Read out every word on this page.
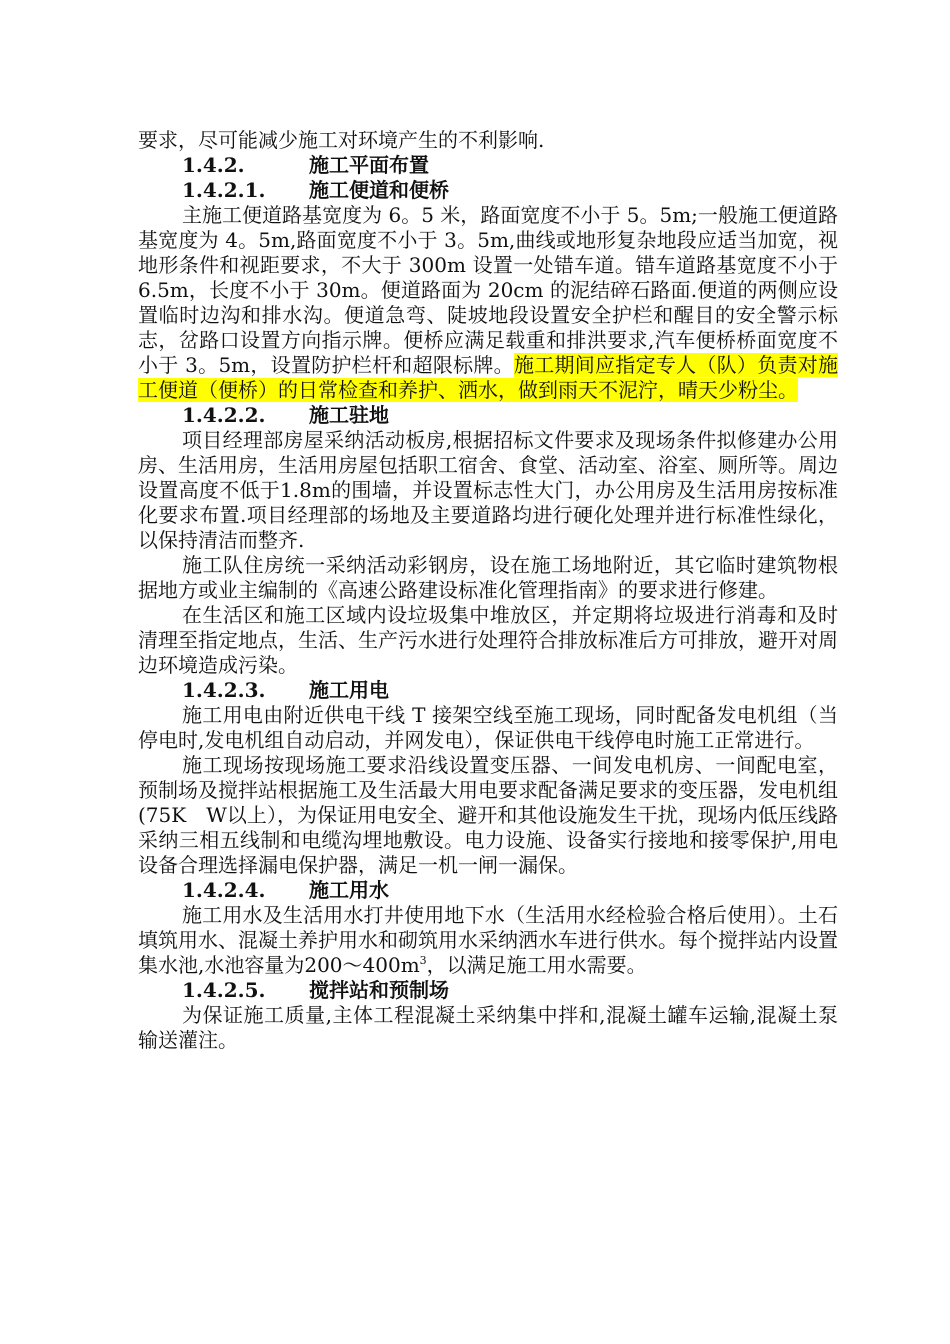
要求，尽可能减少施工对环境产生的不利影响.

1.4.2.	施工平面布置

1.4.2.1. 施工便道和便桥

主施工便道路基宽度为 6。5 米，路面宽度不小于 5。5m;一般施工便道路基宽度为 4。5m,路面宽度不小于 3。5m,曲线或地形复杂地段应适当加宽，视地形条件和视距要求，不大于 300m 设置一处错车道。错车道路基宽度不小于 6.5m，长度不小于 30m。便道路面为 20cm 的泥结碎石路面.便道的两侧应设置临时边沟和排水沟。便道急弯、陡坡地段设置安全护栏和醒目的安全警示标志，岔路口设置方向指示牌。便桥应满足载重和排洪要求,汽车便桥桥面宽度不小于 3。5m，设置防护栏杆和超限标牌。施工期间应指定专人（队）负责对施工便道（便桥）的日常检查和养护、洒水，做到雨天不泥泞，晴天少粉尘。

1.4.2.2. 施工驻地

项目经理部房屋采纳活动板房,根据招标文件要求及现场条件拟修建办公用房、生活用房，生活用房屋包括职工宿舍、食堂、活动室、浴室、厕所等。周边设置高度不低于1.8m的围墙，并设置标志性大门，办公用房及生活用房按标准化要求布置.项目经理部的场地及主要道路均进行硬化处理并进行标准性绿化，以保持清洁而整齐.

施工队住房统一采纳活动彩钢房，设在施工场地附近，其它临时建筑物根据地方或业主编制的《高速公路建设标准化管理指南》的要求进行修建。

在生活区和施工区域内设垃圾集中堆放区，并定期将垃圾进行消毒和及时清理至指定地点，生活、生产污水进行处理符合排放标准后方可排放，避开对周边环境造成污染。

1.4.2.3. 施工用电

施工用电由附近供电干线 T 接架空线至施工现场，同时配备发电机组（当停电时,发电机组自动启动，并网发电），保证供电干线停电时施工正常进行。

施工现场按现场施工要求沿线设置变压器、一间发电机房、一间配电室，预制场及搅拌站根据施工及生活最大用电要求配备满足要求的变压器，发电机组(75K　W以上），为保证用电安全、避开和其他设施发生干扰，现场内低压线路采纳三相五线制和电缆沟埋地敷设。电力设施、设备实行接地和接零保护,用电设备合理选择漏电保护器，满足一机一闸一漏保。

1.4.2.4. 施工用水

施工用水及生活用水打井使用地下水（生活用水经检验合格后使用）。土石填筑用水、混凝土养护用水和砌筑用水采纳洒水车进行供水。每个搅拌站内设置集水池,水池容量为$200\sim 400m^3$，以满足施工用水需要。

1.4.2.5. 搅拌站和预制场

为保证施工质量,主体工程混凝土采纳集中拌和,混凝土罐车运输,混凝土泵输送灌注。
